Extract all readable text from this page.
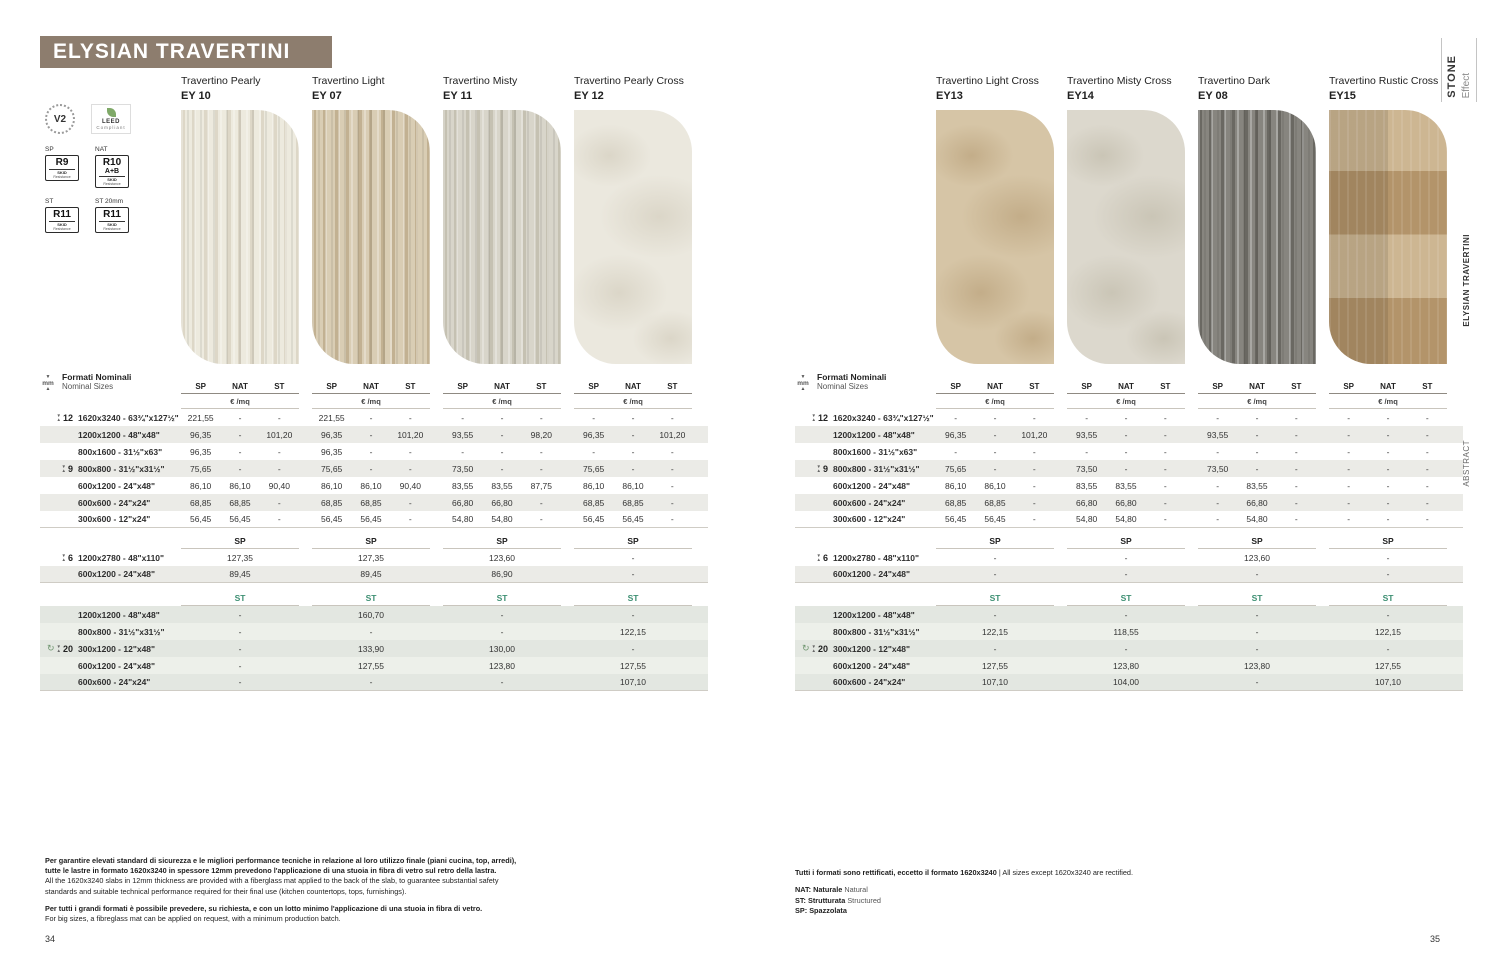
ELYSIAN TRAVERTINI
V2	LEED
Compliant
SP
R9
SKID
Resistance
NAT
R10
A+B
SKID
Resistance
ST
R11
SKID
Resistance
ST 20mm
R11
SKID
Resistance
Travertino Pearly
EY 10
Travertino Light
EY 07
Travertino Misty
EY 11
Travertino Pearly Cross
EY 12
▼
mm
▲
Formati Nominali
Nominal Sizes	SP	NAT	ST	SP	NAT	ST	SP	NAT	ST	SP	NAT	ST
€ /mq	€ /mq	€ /mq	€ /mq
▼
▲ 12 1620x3240 - 63¾"x127½"	221,55	-	-	221,55	-	-	-	-	-	-	-	-
1200x1200 - 48"x48"	96,35	-	101,20	96,35	-	101,20	93,55	-	98,20	96,35	-	101,20
800x1600 - 31½"x63"	96,35	-	-	96,35	-	-	-	-	-	-	-	-
▼
▲ 9 800x800 - 31½"x31½"	75,65	-	-	75,65	-	-	73,50	-	-	75,65	-	-
600x1200 - 24"x48"	86,10	86,10	90,40	86,10	86,10	90,40	83,55	83,55	87,75	86,10	86,10	-
600x600 - 24"x24"	68,85	68,85	-	68,85	68,85	-	66,80	66,80	-	68,85	68,85	-
300x600 - 12"x24"	56,45	56,45	-	56,45	56,45	-	54,80	54,80	-	56,45	56,45	-
SP	SP	SP	SP
▼
▲ 6 1200x2780 - 48"x110"	127,35	127,35	123,60	-
600x1200 - 24"x48"	89,45	89,45	86,90	-
ST	ST	ST	ST
1200x1200 - 48"x48"	-	160,70	-	-
800x800 - 31½"x31½"	-	-	-	122,15
↻ ▼
▲ 20 300x1200 - 12"x48"	-	133,90	130,00	-
600x1200 - 24"x48"	-	127,55	123,80	127,55
600x600 - 24"x24"	-	-	-	107,10

Per garantire elevati standard di sicurezza e le migliori performance tecniche in relazione al loro utilizzo finale (piani cucina, top, arredi), tutte le lastre in formato 1620x3240 in spessore 12mm prevedono l'applicazione di una stuoia in fibra di vetro sul retro della lastra.

All the 1620x3240 slabs in 12mm thickness are provided with a fiberglass mat applied to the back of the slab, to guarantee substantial safety standards and suitable technical performance required for their final use (kitchen countertops, tops, furnishings).

Per tutti i grandi formati è possibile prevedere, su richiesta, e con un lotto minimo l'applicazione di una stuoia in fibra di vetro.

For big sizes, a fibreglass mat can be applied on request, with a minimum production batch.

Travertino Light Cross
EY13
Travertino Misty Cross
EY14
Travertino Dark
EY 08
Travertino Rustic Cross
EY15
▼
mm
▲
Formati Nominali
Nominal Sizes	SP	NAT	ST	SP	NAT	ST	SP	NAT	ST	SP	NAT	ST
€ /mq	€ /mq	€ /mq	€ /mq
▼
▲ 12 1620x3240 - 63¾"x127½"	-	-	-	-	-	-	-	-	-	-	-	-
1200x1200 - 48"x48"	96,35	-	101,20	93,55	-	-	93,55	-	-	-	-	-
800x1600 - 31½"x63"	-	-	-	-	-	-	-	-	-	-	-	-
▼
▲ 9 800x800 - 31½"x31½"	75,65	-	-	73,50	-	-	73,50	-	-	-	-	-
600x1200 - 24"x48"	86,10	86,10	-	83,55	83,55	-	-	83,55	-	-	-	-
600x600 - 24"x24"	68,85	68,85	-	66,80	66,80	-	-	66,80	-	-	-	-
300x600 - 12"x24"	56,45	56,45	-	54,80	54,80	-	-	54,80	-	-	-	-
SP	SP	SP	SP
▼
▲ 6 1200x2780 - 48"x110"	-	-	123,60	-
600x1200 - 24"x48"	-	-	-	-
ST	ST	ST	ST
1200x1200 - 48"x48"	-	-	-	-
800x800 - 31½"x31½"	122,15	118,55	-	122,15
↻ ▼
▲ 20 300x1200 - 12"x48"	-	-	-	-
600x1200 - 24"x48"	127,55	123,80	123,80	127,55
600x600 - 24"x24"	107,10	104,00	-	107,10

Tutti i formati sono rettificati, eccetto il formato 1620x3240 | All sizes except 1620x3240 are rectified.

NAT: Naturale Natural

ST: Strutturata Structured

SP: Spazzolata

34	35
STONE Effect
ELYSIAN TRAVERTINI
ABSTRACT
